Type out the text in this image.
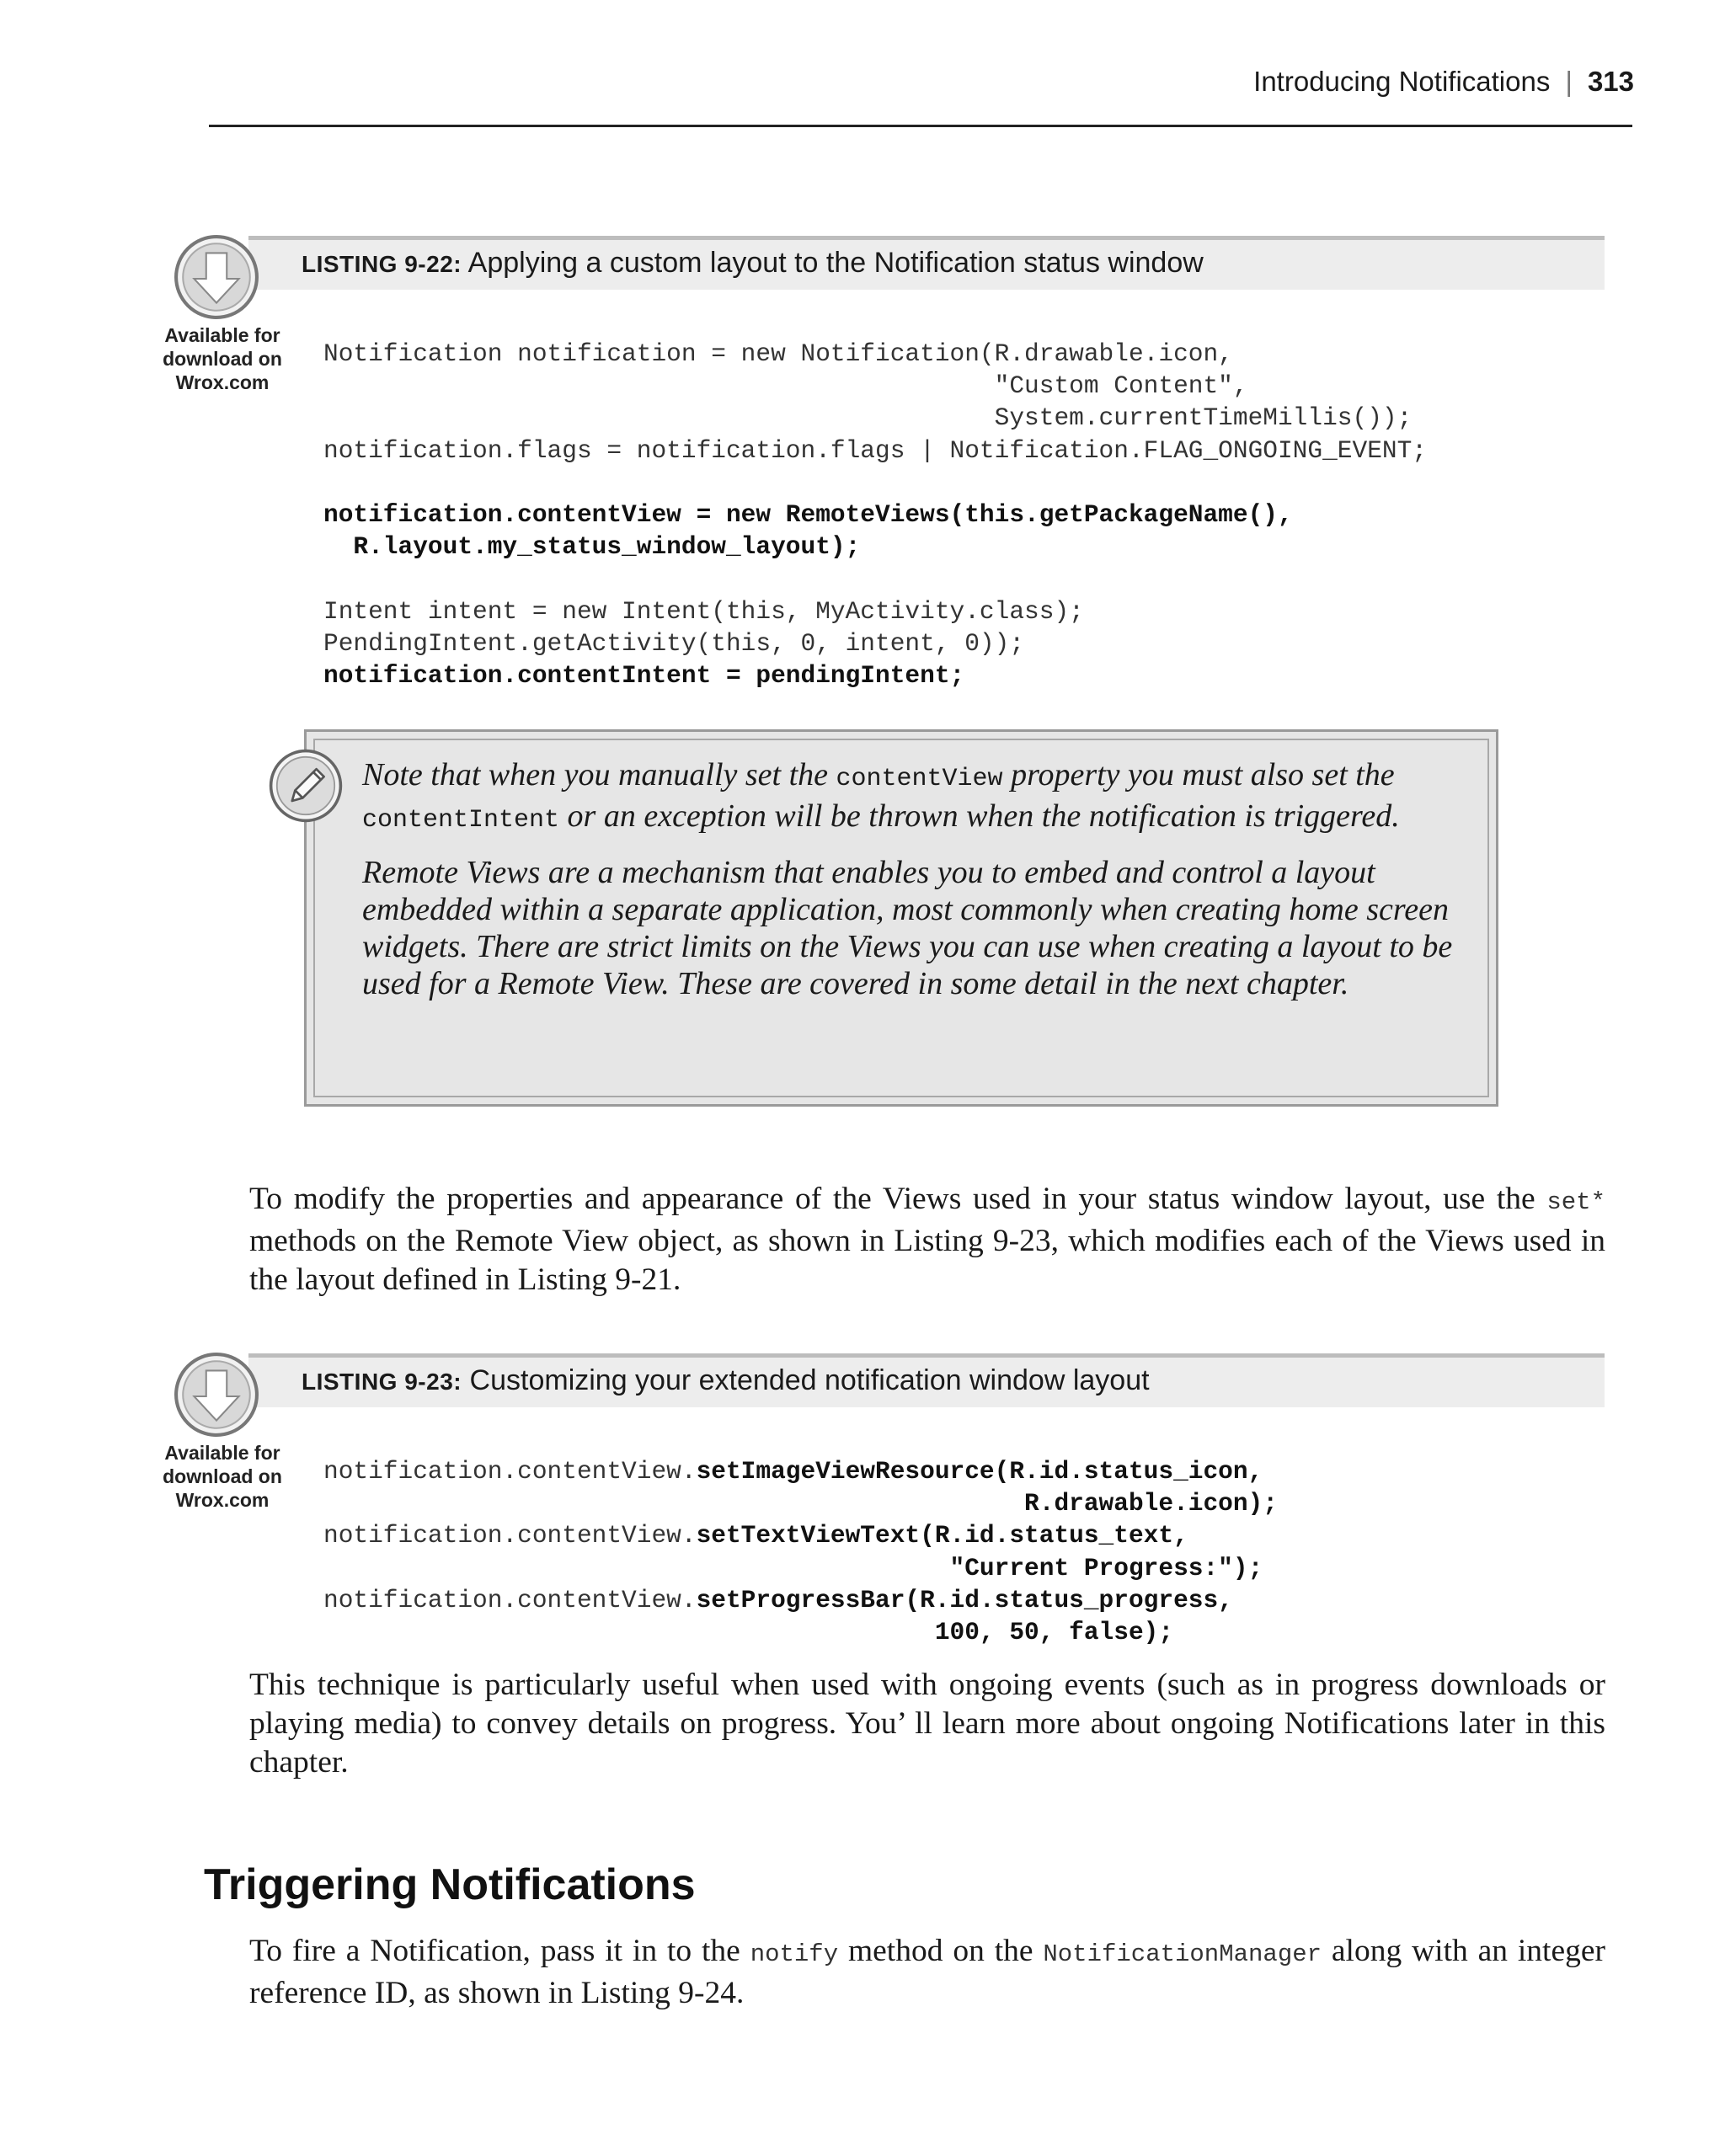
Introducing Notifications | 313
LISTING 9-22: Applying a custom layout to the Notification status window
Available for
download on
Wrox.com
Notification notification = new Notification(R.drawable.icon,
"Custom Content",
System.currentTimeMillis());
notification.flags = notification.flags | Notification.FLAG_ONGOING_EVENT;

notification.contentView = new RemoteViews(this.getPackageName(),
R.layout.my_status_window_layout);

Intent intent = new Intent(this, MyActivity.class);
PendingIntent.getActivity(this, 0, intent, 0));
notification.contentIntent = pendingIntent;

Note that when you manually set the contentView property you must also set the contentIntent or an exception will be thrown when the notification is triggered.

Remote Views are a mechanism that enables you to embed and control a layout embedded within a separate application, most commonly when creating home screen widgets. There are strict limits on the Views you can use when creating a layout to be used for a Remote View. These are covered in some detail in the next chapter.

To modify the properties and appearance of the Views used in your status window layout, use the set* methods on the Remote View object, as shown in Listing 9-23, which modifies each of the Views used in the layout defined in Listing 9-21.
LISTING 9-23: Customizing your extended notification window layout
Available for
download on
Wrox.com
notification.contentView.setImageViewResource(R.id.status_icon,
R.drawable.icon);
notification.contentView.setTextViewText(R.id.status_text,
"Current Progress:");
notification.contentView.setProgressBar(R.id.status_progress,
100, 50, false);
This technique is particularly useful when used with ongoing events (such as in progress downloads or playing media) to convey details on progress. You’ ll learn more about ongoing Notifications later in this chapter.
Triggering Notifications
To fire a Notification, pass it in to the notify method on the NotificationManager along with an integer reference ID, as shown in Listing 9-24.
